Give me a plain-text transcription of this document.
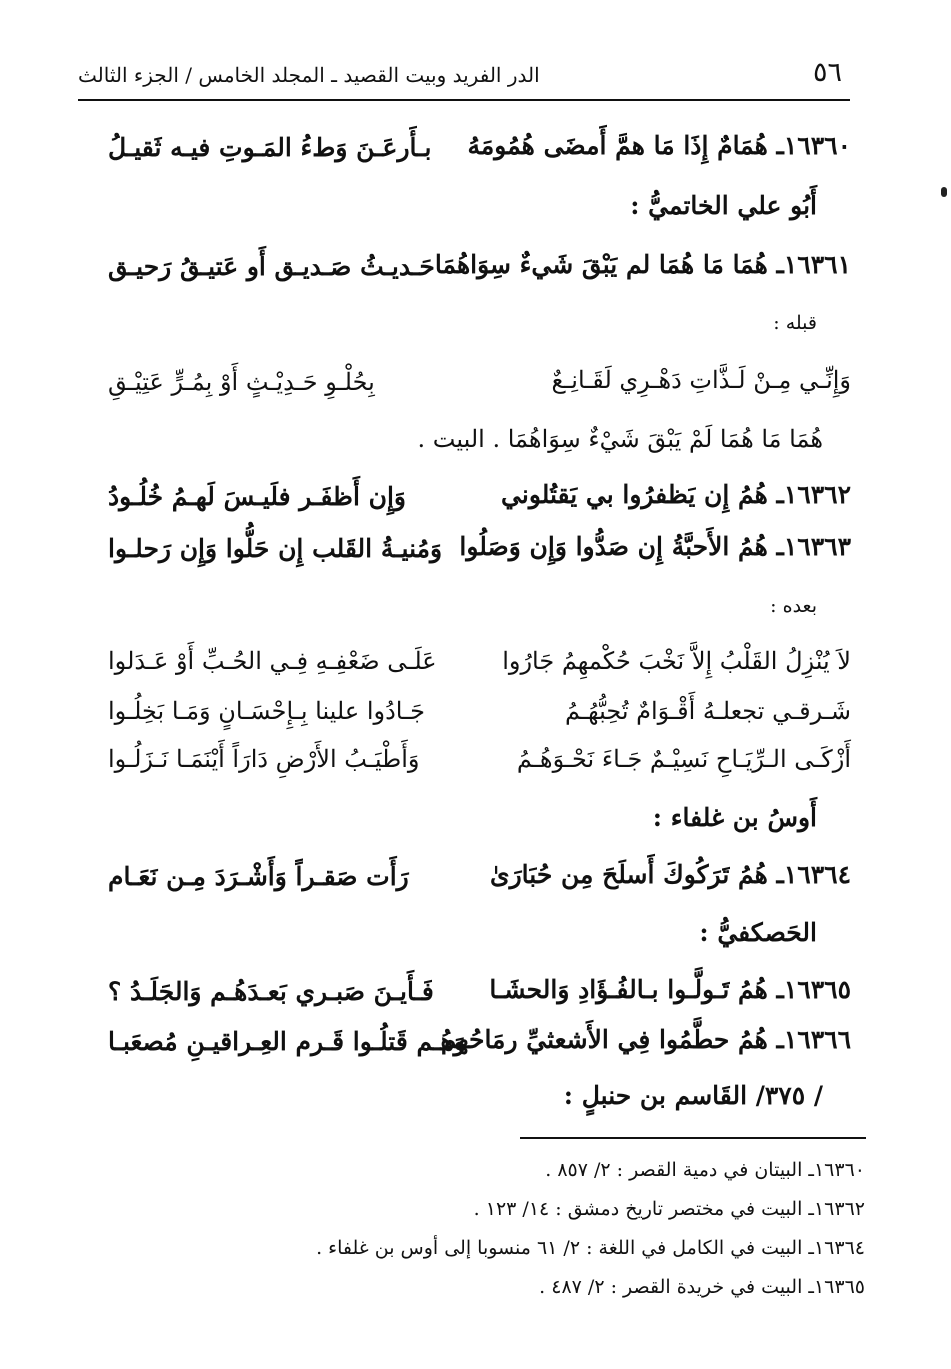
٥٦
الدر الفريد وبيت القصيد ـ المجلد الخامس / الجزء الثالث
١٦٣٦٠ـ هُمَامٌ إِذَا مَا همَّ أَمضَى هُمُومَهُ
بـأَرعَـنَ وَطءُ المَـوتِ فيـه ثَقيـلُ
أَبُو علي الخاتميُّ :
١٦٣٦١ـ هُمَا مَا هُمَا لم يَبْقَ شَيءٌ سِوَاهُمَا
حَـديـثُ صَـديـق أَو عَتيـقُ رَحيـق
قبله :
وَإِنِّـي مِـنْ لَـذَّاتِ دَهْـرِي لَقَـانِـعٌ
بِحُلْـوِ حَـدِيْـثٍ أَوْ بِمُـرٍّ عَتِيْـقِ
هُمَا مَا هُمَا لَمْ يَبْقَ شَيْءٌ سِوَاهُمَا . البيت .
١٦٣٦٢ـ هُمُ إِن يَظفرُوا بي يَقتُلوني
وَإِن أَظفَـر فلَيـسَ لَهـمُ خُلُـودُ
١٦٣٦٣ـ هُمُ الأَحبَّةُ إِن صَدُّوا وَإِن وَصَلُوا
وَمُنيـةُ القَلب إِن حَلُّوا وَإِن رَحلـوا
بعده :
لاَ يُنْزِلُ القَلْبُ إِلاَّ نَخْبَ حُكْمهِمُ جَارُوا
عَلَـى ضَعْفِـهِ فِـي الحُـبِّ أَوْ عَـدَلوا
شَـرقـي تجعلـهُ أَقْـوَامٌ تُحِبُّهُـمُ
جَـادُوا علينا بِـإِحْسَـانٍ وَمَـا بَخِلُـوا
أَزْكَـى الـرِّيَـاحِ نَسِيْـمٌ جَـاءَ نَحْـوَهُـمُ
وَأَطْيَـبُ الأَرْضِ دَارَاً أَيْنَمَـا نَـزَلُـوا
أَوسُ بن غلفاء :
١٦٣٦٤ـ هُمُ تَرَكُوكَ أَسلَحَ مِن حُبَارَىٰ
رَأَت صَقـراً وَأَشْـرَدَ مِـن نَعَـام
الحَصكفيُّ :
١٦٣٦٥ـ هُمُ تَـولَّـوا بـالفُـؤَادِ وَالحشَـا
فَـأَيـنَ صَبـري بَعـدَهُـم وَالجَلَـدُ ؟
١٦٣٦٦ـ هُمُ حطَّمُوا فِي الأَشعثيِّ رمَاحُهم
وَهُـم قَتلُـوا قَـرم العِـراقيـنِ مُصعَبـا
/ ٣٧٥/ القَاسم بن حنبلٍ :
١٦٣٦٠ـ البيتان في دمية القصر : ٢/ ٨٥٧ .
١٦٣٦٢ـ البيت في مختصر تاريخ دمشق : ١٤/ ١٢٣ .
١٦٣٦٤ـ البيت في الكامل في اللغة : ٢/ ٦١ منسوبا إلى أوس بن غلفاء .
١٦٣٦٥ـ البيت في خريدة القصر : ٢/ ٤٨٧ .
